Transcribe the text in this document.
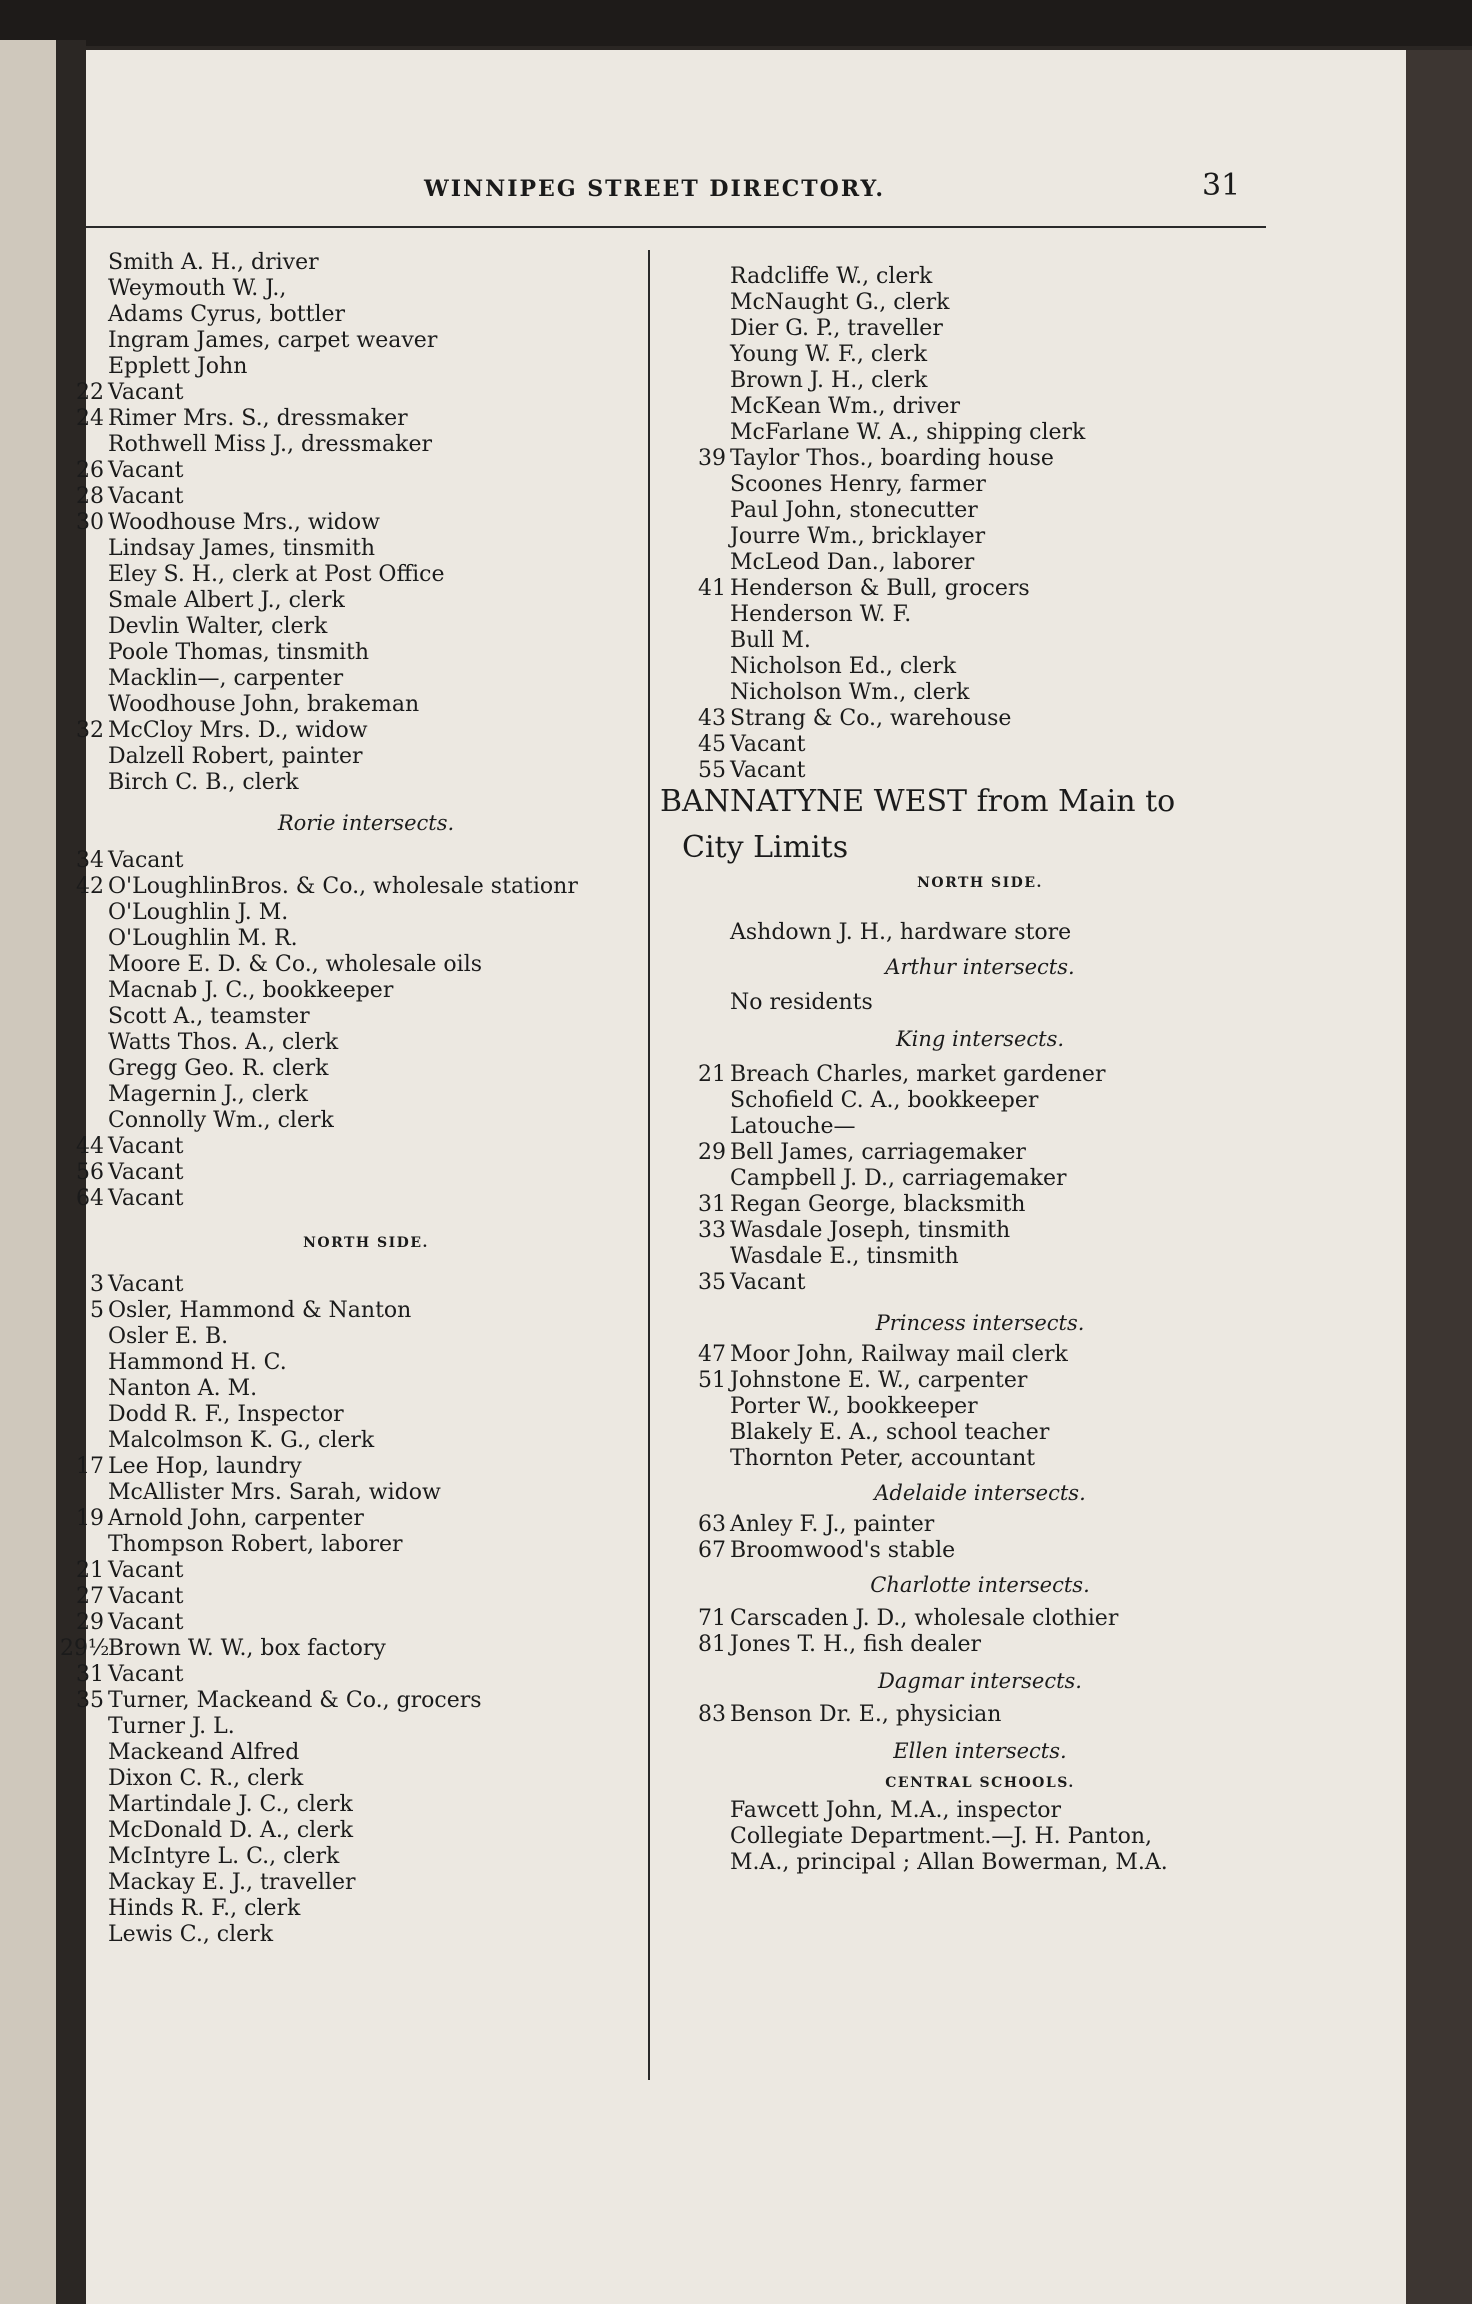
WINNIPEG STREET DIRECTORY.	31
Smith A. H., driver
Weymouth W. J.,
Adams Cyrus, bottler
Ingram James, carpet weaver
Epplett John
22 Vacant
24 Rimer Mrs. S., dressmaker
Rothwell Miss J., dressmaker
26 Vacant
28 Vacant
30 Woodhouse Mrs., widow
Lindsay James, tinsmith
Eley S. H., clerk at Post Office
Smale Albert J., clerk
Devlin Walter, clerk
Poole Thomas, tinsmith
Macklin—, carpenter
Woodhouse John, brakeman
32 McCloy Mrs. D., widow
Dalzell Robert, painter
Birch C. B., clerk
Rorie intersects.
34 Vacant
42 O'LoughlinBros. & Co., wholesale stationr
O'Loughlin J. M.
O'Loughlin M. R.
Moore E. D. & Co., wholesale oils
Macnab J. C., bookkeeper
Scott A., teamster
Watts Thos. A., clerk
Gregg Geo. R. clerk
Magernin J., clerk
Connolly Wm., clerk
44 Vacant
56 Vacant
64 Vacant
NORTH SIDE.
3 Vacant
5 Osler, Hammond & Nanton
Osler E. B.
Hammond H. C.
Nanton A. M.
Dodd R. F., Inspector
Malcolmson K. G., clerk
17 Lee Hop, laundry
McAllister Mrs. Sarah, widow
19 Arnold John, carpenter
Thompson Robert, laborer
21 Vacant
27 Vacant
29 Vacant
29½
Brown W. W., box factory
31 Vacant
35 Turner, Mackeand & Co., grocers
Turner J. L.
Mackeand Alfred
Dixon C. R., clerk
Martindale J. C., clerk
McDonald D. A., clerk
McIntyre L. C., clerk
Mackay E. J., traveller
Hinds R. F., clerk
Lewis C., clerk
Radcliffe W., clerk
McNaught G., clerk
Dier G. P., traveller
Young W. F., clerk
Brown J. H., clerk
McKean Wm., driver
McFarlane W. A., shipping clerk
39 Taylor Thos., boarding house
Scoones Henry, farmer
Paul John, stonecutter
Jourre Wm., bricklayer
McLeod Dan., laborer
41 Henderson & Bull, grocers
Henderson W. F.
Bull M.
Nicholson Ed., clerk
Nicholson Wm., clerk
43 Strang & Co., warehouse
45 Vacant
55 Vacant
BANNATYNE WEST from Main to
City Limits
NORTH SIDE.
Ashdown J. H., hardware store
Arthur intersects.
No residents
King intersects.
21 Breach Charles, market gardener
Schofield C. A., bookkeeper
Latouche—
29 Bell James, carriagemaker
Campbell J. D., carriagemaker
31 Regan George, blacksmith
33 Wasdale Joseph, tinsmith
Wasdale E., tinsmith
35 Vacant
Princess intersects.
47 Moor John, Railway mail clerk
51 Johnstone E. W., carpenter
Porter W., bookkeeper
Blakely E. A., school teacher
Thornton Peter, accountant
Adelaide intersects.
63 Anley F. J., painter
67 Broomwood's stable
Charlotte intersects.
71 Carscaden J. D., wholesale clothier
81 Jones T. H., fish dealer
Dagmar intersects.
83 Benson Dr. E., physician
Ellen intersects.
CENTRAL SCHOOLS.
Fawcett John, M.A., inspector
Collegiate Department.—J. H. Panton,
M.A., principal ; Allan Bowerman, M.A.
